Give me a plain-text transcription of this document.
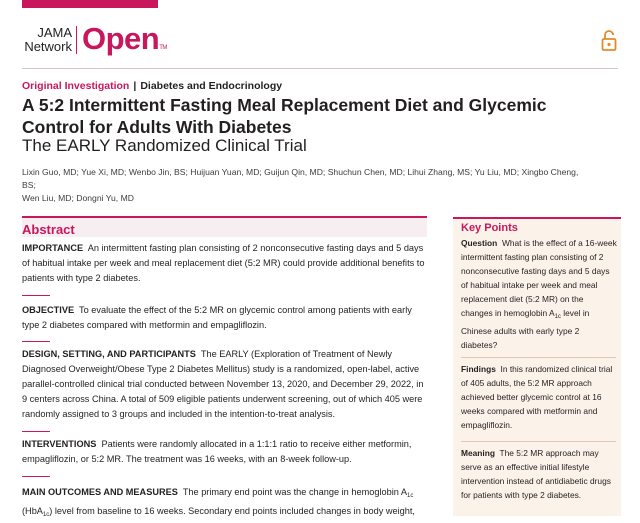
JAMA
Network OpenTM
Original Investigation | Diabetes and Endocrinology
A 5:2 Intermittent Fasting Meal Replacement Diet and Glycemic Control for Adults With Diabetes
The EARLY Randomized Clinical Trial
Lixin Guo, MD; Yue Xi, MD; Wenbo Jin, BS; Huijuan Yuan, MD; Guijun Qin, MD; Shuchun Chen, MD; Lihui Zhang, MS; Yu Liu, MD; Xingbo Cheng, BS;
Wen Liu, MD; Dongni Yu, MD
Abstract
IMPORTANCE An intermittent fasting plan consisting of 2 nonconsecutive fasting days and 5 days of habitual intake per week and meal replacement diet (5:2 MR) could provide additional benefits to patients with type 2 diabetes.
OBJECTIVE To evaluate the effect of the 5:2 MR on glycemic control among patients with early type 2 diabetes compared with metformin and empagliflozin.
DESIGN, SETTING, AND PARTICIPANTS The EARLY (Exploration of Treatment of Newly Diagnosed Overweight/Obese Type 2 Diabetes Mellitus) study is a randomized, open-label, active parallel-controlled clinical trial conducted between November 13, 2020, and December 29, 2022, in 9 centers across China. A total of 509 eligible patients underwent screening, out of which 405 were randomly assigned to 3 groups and included in the intention-to-treat analysis.
INTERVENTIONS Patients were randomly allocated in a 1:1:1 ratio to receive either metformin, empagliflozin, or 5:2 MR. The treatment was 16 weeks, with an 8-week follow-up.
MAIN OUTCOMES AND MEASURES The primary end point was the change in hemoglobin $A_{1c}$ (HbA$_{1c}$) level from baseline to 16 weeks. Secondary end points included changes in body weight,
Key Points
Question What is the effect of a 16-week intermittent fasting plan consisting of 2 nonconsecutive fasting days and 5 days of habitual intake per week and meal replacement diet (5:2 MR) on the changes in hemoglobin $A_{1c}$ level in Chinese adults with early type 2 diabetes?
Findings In this randomized clinical trial of 405 adults, the 5:2 MR approach achieved better glycemic control at 16 weeks compared with metformin and empagliflozin.
Meaning The 5:2 MR approach may serve as an effective initial lifestyle intervention instead of antidiabetic drugs for patients with type 2 diabetes.
